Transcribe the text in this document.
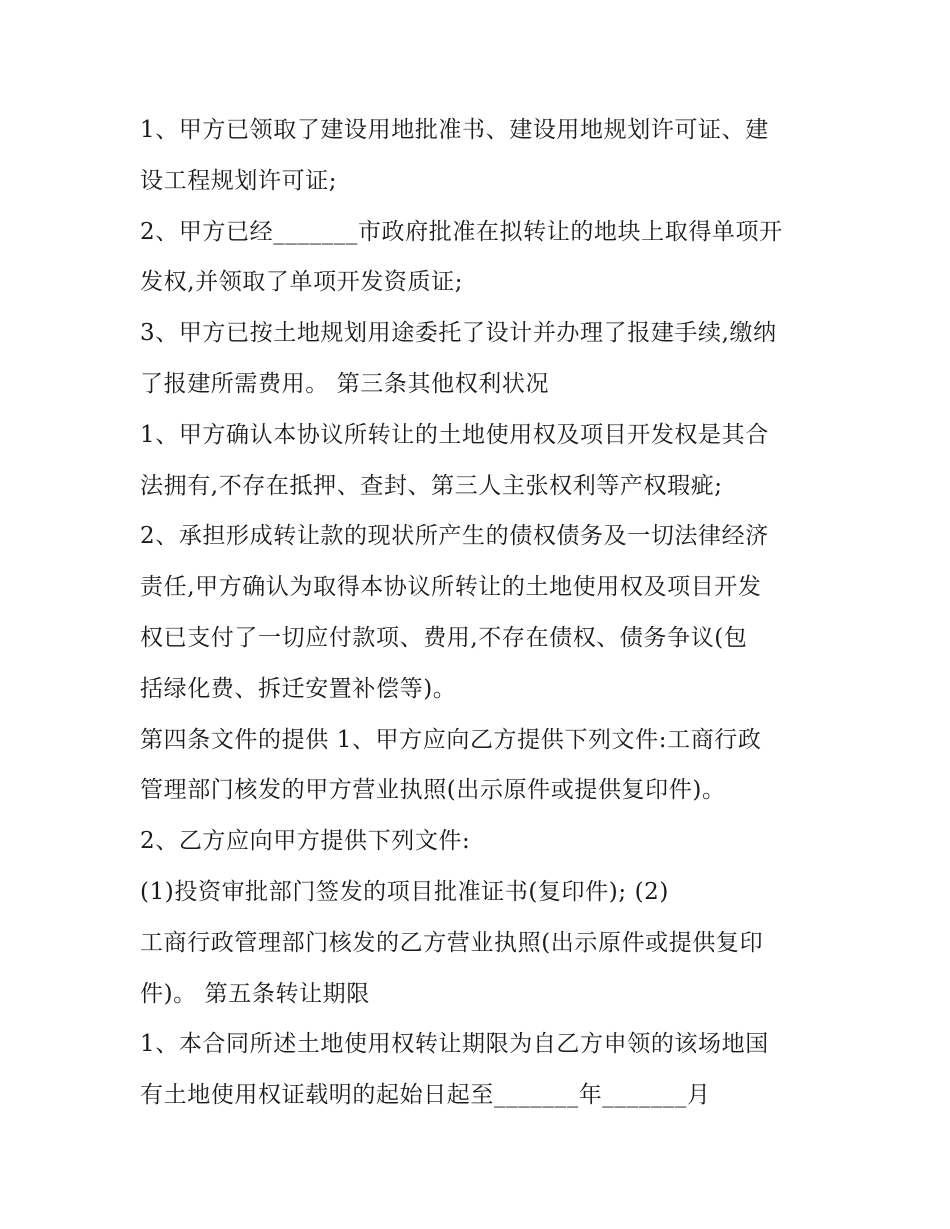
1、甲方已领取了建设用地批准书、建设用地规划许可证、建
设工程规划许可证;
2、甲方已经_______市政府批准在拟转让的地块上取得单项开
发权,并领取了单项开发资质证;
3、甲方已按土地规划用途委托了设计并办理了报建手续,缴纳
了报建所需费用。 第三条其他权利状况
1、甲方确认本协议所转让的土地使用权及项目开发权是其合
法拥有,不存在抵押、查封、第三人主张权利等产权瑕疵;
2、承担形成转让款的现状所产生的债权债务及一切法律经济
责任,甲方确认为取得本协议所转让的土地使用权及项目开发
权已支付了一切应付款项、费用,不存在债权、债务争议(包
括绿化费、拆迁安置补偿等)。
第四条文件的提供 1、甲方应向乙方提供下列文件:工商行政
管理部门核发的甲方营业执照(出示原件或提供复印件)。
2、乙方应向甲方提供下列文件:
(1)投资审批部门签发的项目批准证书(复印件); (2)
工商行政管理部门核发的乙方营业执照(出示原件或提供复印
件)。 第五条转让期限
1、本合同所述土地使用权转让期限为自乙方申领的该场地国
有土地使用权证载明的起始日起至_______年_______月
